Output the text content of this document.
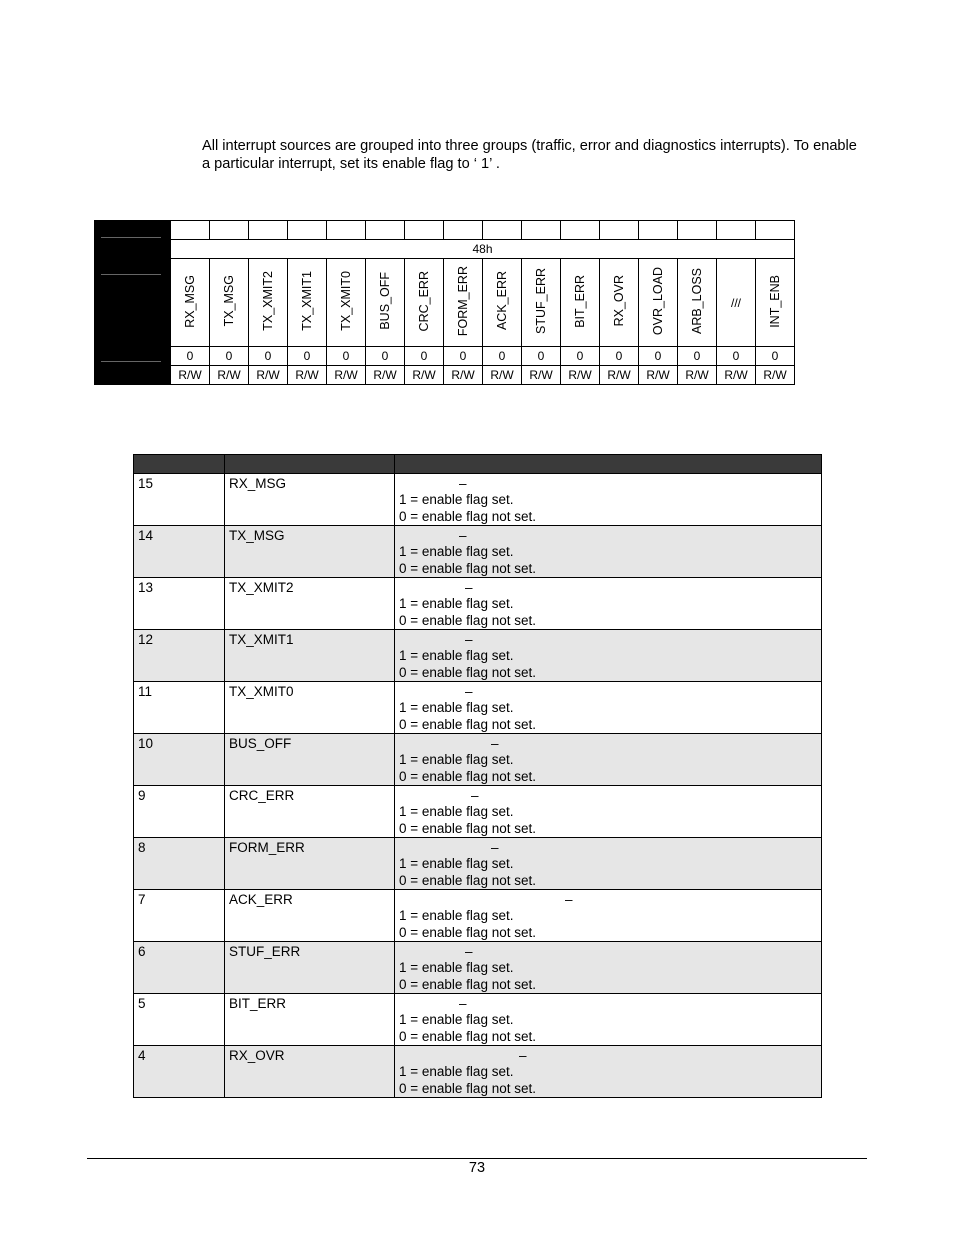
All interrupt sources are grouped into three groups (traffic, error and diagnostics interrupts). To enable a particular interrupt, set its enable flag to ‘ 1’ .

	48h															

	RX_MSG	TX_MSG	TX_XMIT2	TX_XMIT1	TX_XMIT0	BUS_OFF	CRC_ERR	FORM_ERR	ACK_ERR	STUF_ERR	BIT_ERR	RX_OVR	OVR_LOAD	ARB_LOSS	///	INT_ENB

	0	0	0	0	0	0	0	0	0	0	0	0	0	0	0	0
	R/W	R/W	R/W	R/W	R/W	R/W	R/W	R/W	R/W	R/W	R/W	R/W	R/W	R/W	R/W	R/W

15	RX_MSG	–
1 = enable flag set.
0 = enable flag not set.
14	TX_MSG	–
1 = enable flag set.
0 = enable flag not set.
13	TX_XMIT2	–
1 = enable flag set.
0 = enable flag not set.
12	TX_XMIT1	–
1 = enable flag set.
0 = enable flag not set.
11	TX_XMIT0	–
1 = enable flag set.
0 = enable flag not set.
10	BUS_OFF	–
1 = enable flag set.
0 = enable flag not set.
9	CRC_ERR	–
1 = enable flag set.
0 = enable flag not set.
8	FORM_ERR	–
1 = enable flag set.
0 = enable flag not set.
7	ACK_ERR	–
1 = enable flag set.
0 = enable flag not set.
6	STUF_ERR	–
1 = enable flag set.
0 = enable flag not set.
5	BIT_ERR	–
1 = enable flag set.
0 = enable flag not set.
4	RX_OVR	–
1 = enable flag set.
0 = enable flag not set.
73
